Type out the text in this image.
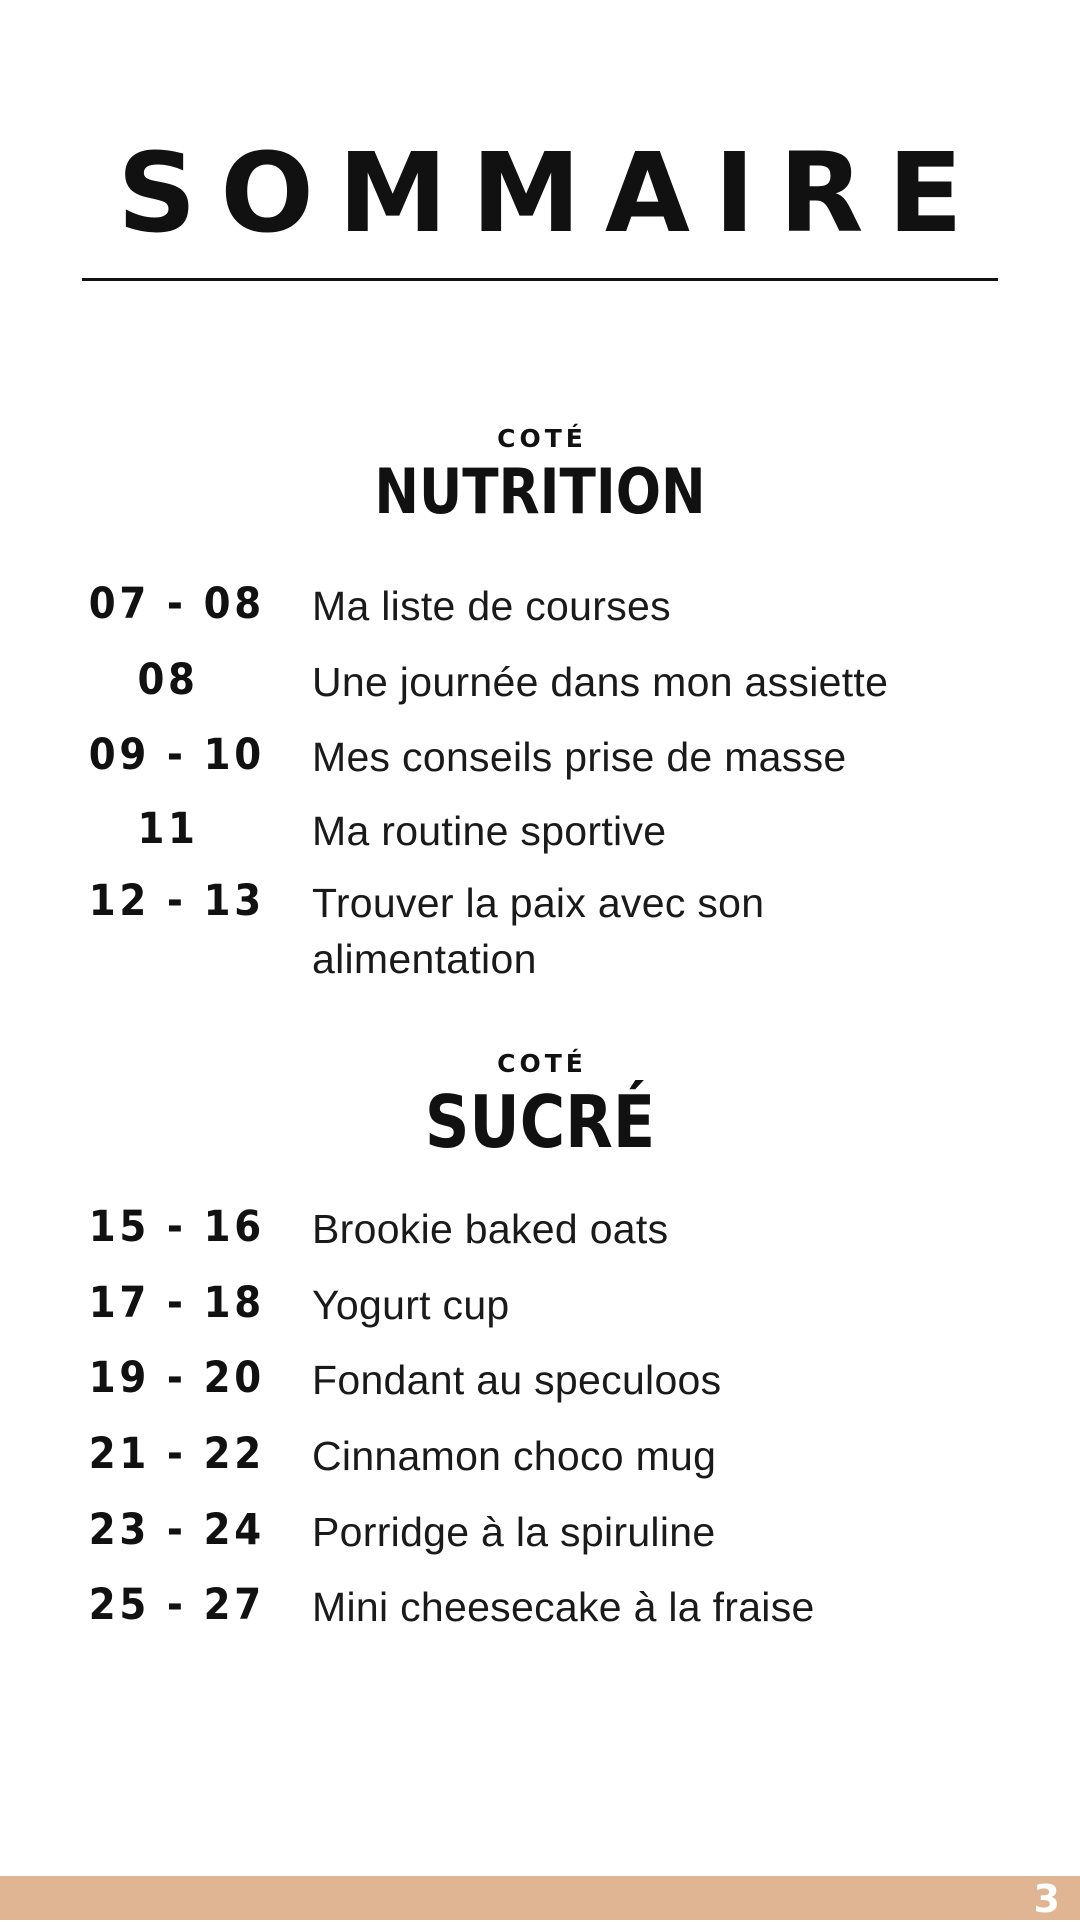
SOMMAIRE
COTÉ
NUTRITION
07 - 08 Ma liste de courses
08	Une journée dans mon assiette
09 - 10 Mes conseils prise de masse
11	Ma routine sportive
12 - 13 Trouver la paix avec son
alimentation
COTÉ
SUCRÉ
15 - 16 Brookie baked oats
17 - 18 Yogurt cup
19 - 20 Fondant au speculoos
21 - 22 Cinnamon choco mug
23 - 24 Porridge à la spiruline
25 - 27 Mini cheesecake à la fraise
3
